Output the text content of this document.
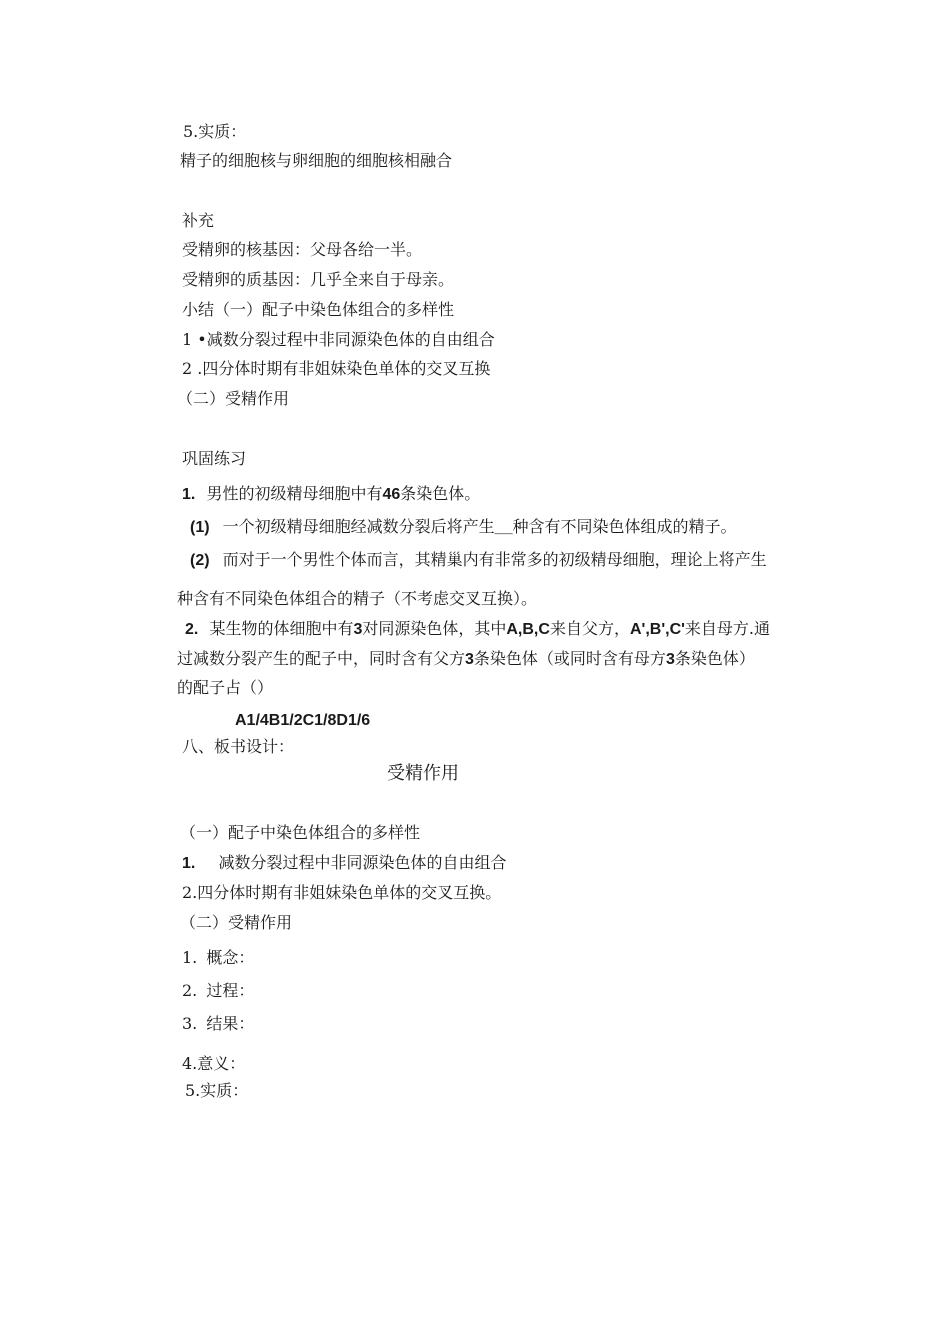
5.实质：
精子的细胞核与卵细胞的细胞核相融合
补充
受精卵的核基因：父母各给一半。
受精卵的质基因：几乎全来自于母亲。
小结（一）配子中染色体组合的多样性
1 •减数分裂过程中非同源染色体的自由组合
2 .四分体时期有非姐妹染色单体的交叉互换
（二）受精作用
巩固练习
1. 男性的初级精母细胞中有46条染色体。
(1) 一个初级精母细胞经减数分裂后将产生__种含有不同染色体组成的精子。
(2) 而对于一个男性个体而言，其精巢内有非常多的初级精母细胞，理论上将产生
种含有不同染色体组合的精子（不考虑交叉互换）。
2. 某生物的体细胞中有3对同源染色体，其中A,B,C来自父方，A',B',C'来自母方.通
过减数分裂产生的配子中，同时含有父方3条染色体（或同时含有母方3条染色体）
的配子占（）
A1/4B1/2C1/8D1/6
八、板书设计：
受精作用
（一）配子中染色体组合的多样性
1. 减数分裂过程中非同源染色体的自由组合
2.四分体时期有非姐妹染色单体的交叉互换。
（二）受精作用
1. 概念：
2. 过程：
3. 结果：
4.意义：
5.实质：
